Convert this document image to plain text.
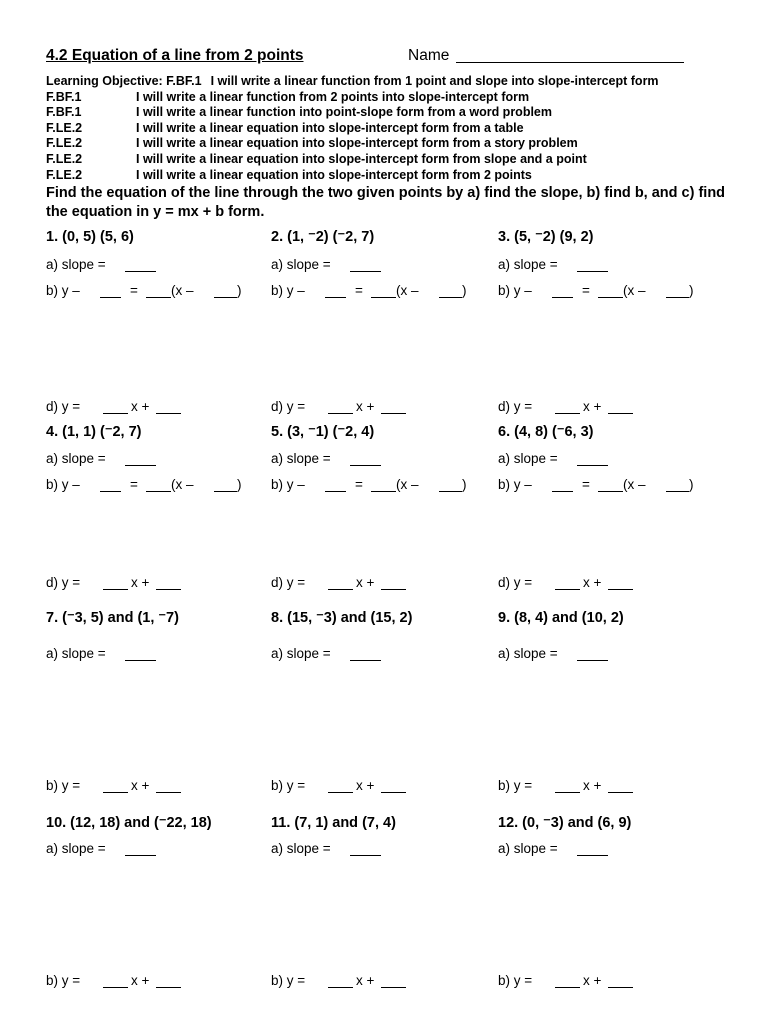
4.2 Equation of a line from 2 points	Name
Learning Objective: F.BF.1 I will write a linear function from 1 point and slope into slope-intercept form
F.BF.1	I will write a linear function from 2 points into slope-intercept form
F.BF.1	I will write a linear function into point-slope form from a word problem
F.LE.2	I will write a linear equation into slope-intercept form from a table
F.LE.2	I will write a linear equation into slope-intercept form from a story problem
F.LE.2	I will write a linear equation into slope-intercept form from slope and a point
F.LE.2	I will write a linear equation into slope-intercept form from 2 points
Find the equation of the line through the two given points by a) find the slope, b) find b, and c) find the equation in y = mx + b form.
1. (0, 5) (5, 6)
a) slope =
b) y –	= (x –	)
d) y =	x +
2. (1, ⁻2) (⁻2, 7)
a) slope =
b) y –	= (x –	)
d) y =	x +
3. (5, ⁻2) (9, 2)
a) slope =
b) y –	= (x –	)
d) y =	x +
4. (1, 1) (⁻2, 7)
a) slope =
b) y –	= (x –	)
d) y =	x +
5. (3, ⁻1) (⁻2, 4)
a) slope =
b) y –	= (x –	)
d) y =	x +
6. (4, 8) (⁻6, 3)
a) slope =
b) y –	= (x –	)
d) y =	x +
7. (⁻3, 5) and (1, ⁻7)
a) slope =
b) y =	x +
8. (15, ⁻3) and (15, 2)
a) slope =
b) y =	x +
9. (8, 4) and (10, 2)
a) slope =
b) y =	x +
10. (12, 18) and (⁻22, 18)
a) slope =
b) y =	x +
11. (7, 1) and (7, 4)
a) slope =
b) y =	x +
12. (0, ⁻3) and (6, 9)
a) slope =
b) y =	x +
